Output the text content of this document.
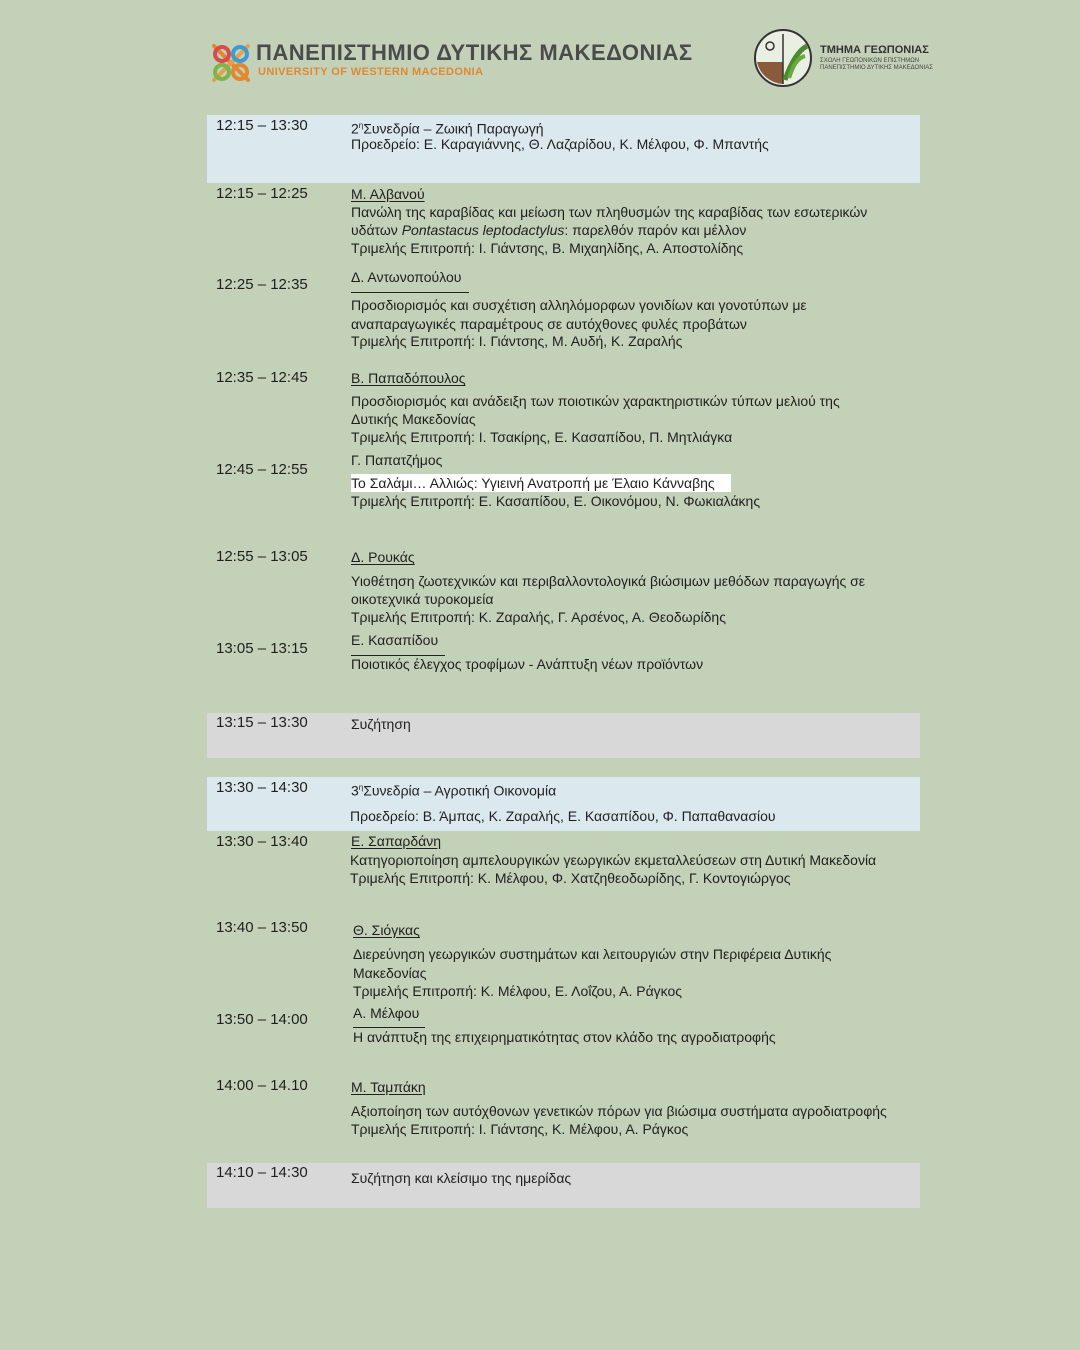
ΠΑΝΕΠΙΣΤΗΜΙΟ ΔΥΤΙΚΗΣ ΜΑΚΕΔΟΝΙΑΣ
UNIVERSITY OF WESTERN MACEDONIA
ΤΜΗΜΑ ΓΕΩΠΟΝΙΑΣ
ΣΧΟΛΗ ΓΕΩΠΟΝΙΚΩΝ ΕΠΙΣΤΗΜΩΝ
ΠΑΝΕΠΙΣΤΗΜΙΟ ΔΥΤΙΚΗΣ ΜΑΚΕΔΟΝΙΑΣ
12:15 – 13:30	$2^\eta\Sigma\upsilon\nu\varepsilon\delta\rho ί\alpha$ – Ζωική Παραγωγή
Προεδρείο: Ε. Καραγιάννης, Θ. Λαζαρίδου, Κ. Μέλφου, Φ. Μπαντής
12:15 – 12:25	Μ. Αλβανού
Πανώλη της καραβίδας και μείωση των πληθυσμών της καραβίδας των εσωτερικών
υδάτων Pontastacus leptodactylus: παρελθόν παρόν και μέλλον
Τριμελής Επιτροπή: Ι. Γιάντσης, Β. Μιχαηλίδης, Α. Αποστολίδης
12:25 – 12:35	Δ. Αντωνοπούλου
Προσδιορισμός και συσχέτιση αλληλόμορφων γονιδίων και γονοτύπων με
αναπαραγωγικές παραμέτρους σε αυτόχθονες φυλές προβάτων
Τριμελής Επιτροπή: Ι. Γιάντσης, Μ. Αυδή, Κ. Ζαραλής
12:35 – 12:45	Β. Παπαδόπουλος
Προσδιορισμός και ανάδειξη των ποιοτικών χαρακτηριστικών τύπων μελιού της
Δυτικής Μακεδονίας
Τριμελής Επιτροπή: Ι. Τσακίρης, Ε. Κασαπίδου, Π. Μητλιάγκα
12:45 – 12:55
Γ. Παπατζήμος
Το Σαλάμι… Αλλιώς: Υγιεινή Ανατροπή με Έλαιο Κάνναβης
Τριμελής Επιτροπή: Ε. Κασαπίδου, Ε. Οικονόμου, Ν. Φωκιαλάκης
12:55 – 13:05	Δ. Ρουκάς
Υιοθέτηση ζωοτεχνικών και περιβαλλοντολογικά βιώσιμων μεθόδων παραγωγής σε
οικοτεχνικά τυροκομεία
Τριμελής Επιτροπή: Κ. Ζαραλής, Γ. Αρσένος, Α. Θεοδωρίδης
13:05 – 13:15	Ε. Κασαπίδου
Ποιοτικός έλεγχος τροφίμων - Ανάπτυξη νέων προϊόντων
13:15 – 13:30	Συζήτηση
13:30 – 14:30	$3^\eta\Sigma\upsilon\nu\varepsilon\delta\rho ί\alpha$ – Αγροτική Οικονομία
Προεδρείο: Β. Άμπας, Κ. Ζαραλής, Ε. Κασαπίδου, Φ. Παπαθανασίου
13:30 – 13:40	Ε. Σαπαρδάνη
Κατηγοριοποίηση αμπελουργικών γεωργικών εκμεταλλεύσεων στη Δυτική Μακεδονία
Τριμελής Επιτροπή: Κ. Μέλφου, Φ. Χατζηθεοδωρίδης, Γ. Κοντογιώργος
13:40 – 13:50	Θ. Σιόγκας
Διερεύνηση γεωργικών συστημάτων και λειτουργιών στην Περιφέρεια Δυτικής
Μακεδονίας
Τριμελής Επιτροπή: Κ. Μέλφου, Ε. Λοΐζου, Α. Ράγκος
13:50 – 14:00	Α. Μέλφου
Η ανάπτυξη της επιχειρηματικότητας στον κλάδο της αγροδιατροφής
14:00 – 14.10	Μ. Ταμπάκη
Αξιοποίηση των αυτόχθονων γενετικών πόρων για βιώσιμα συστήματα αγροδιατροφής
Τριμελής Επιτροπή: Ι. Γιάντσης, Κ. Μέλφου, Α. Ράγκος
14:10 – 14:30	Συζήτηση και κλείσιμο της ημερίδας
